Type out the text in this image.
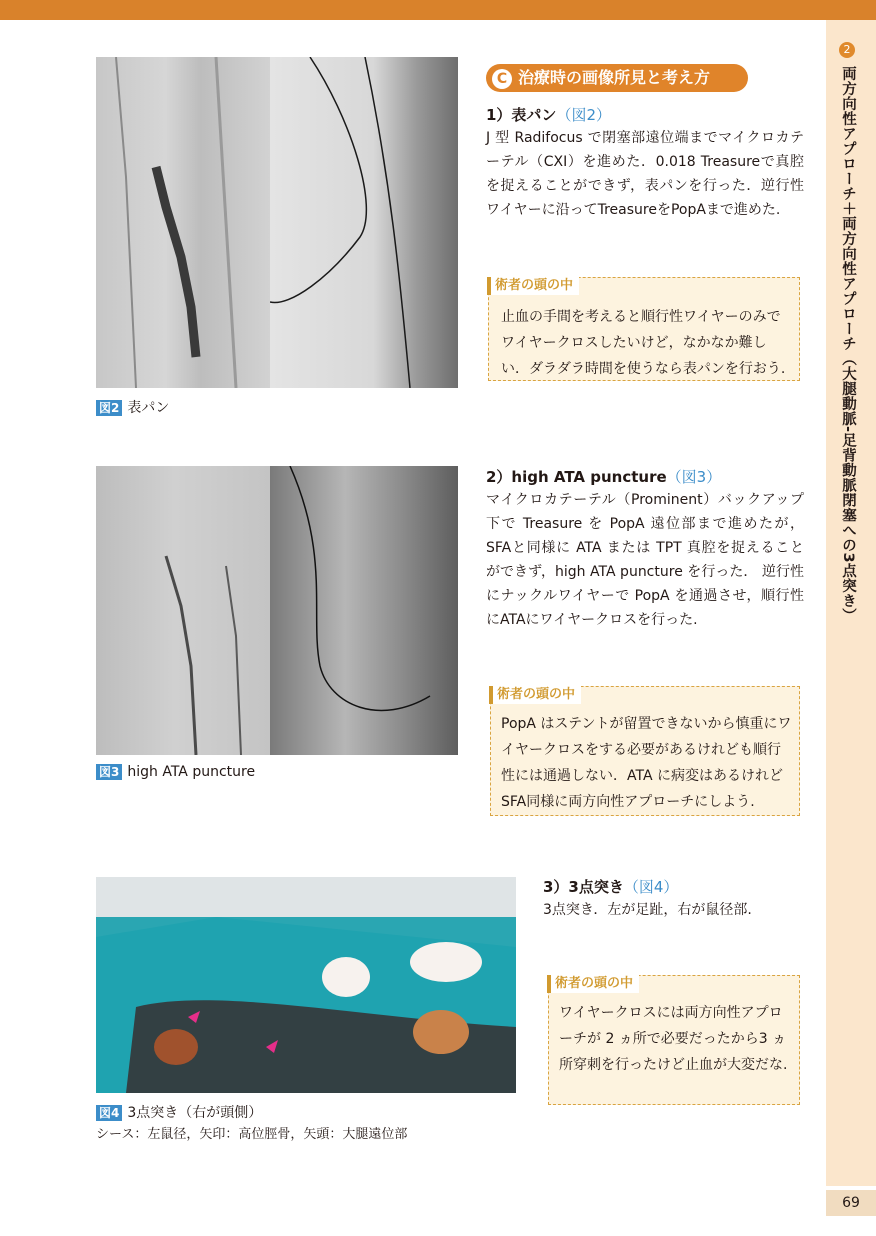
2
両方向性アプローチ＋両方向性アプローチ（大腿動脈‑足背動脈閉塞への3点突き）
69
図2 表パン
C 治療時の画像所見と考え方
1）表パン（図2）
J 型 Radifocus で閉塞部遠位端までマイクロカテーテル（CXI）を進めた．0.018 Treasureで真腔を捉えることができず，表パンを行った．逆行性ワイヤーに沿ってTreasureをPopAまで進めた.
術者の頭の中
止血の手間を考えると順行性ワイヤーのみでワイヤークロスしたいけど，なかなか難しい．ダラダラ時間を使うなら表パンを行おう.
図3 high ATA puncture
2）high ATA puncture（図3）
マイクロカテーテル（Prominent）バックアップ下で Treasure を PopA 遠位部まで進めたが，SFAと同様に ATA または TPT 真腔を捉えることができず，high ATA puncture を行った． 逆行性にナックルワイヤーで PopA を通過させ，順行性にATAにワイヤークロスを行った.
術者の頭の中
PopA はステントが留置できないから慎重にワイヤークロスをする必要があるけれども順行性には通過しない．ATA に病変はあるけれどSFA同様に両方向性アプローチにしよう.
図4 3点突き（右が頭側）
シース：左鼠径，矢印：高位脛骨，矢頭：大腿遠位部
3）3点突き（図4）
3点突き．左が足趾，右が鼠径部.
術者の頭の中
ワイヤークロスには両方向性アプローチが 2 ヵ所で必要だったから3 ヵ所穿刺を行ったけど止血が大変だな.
